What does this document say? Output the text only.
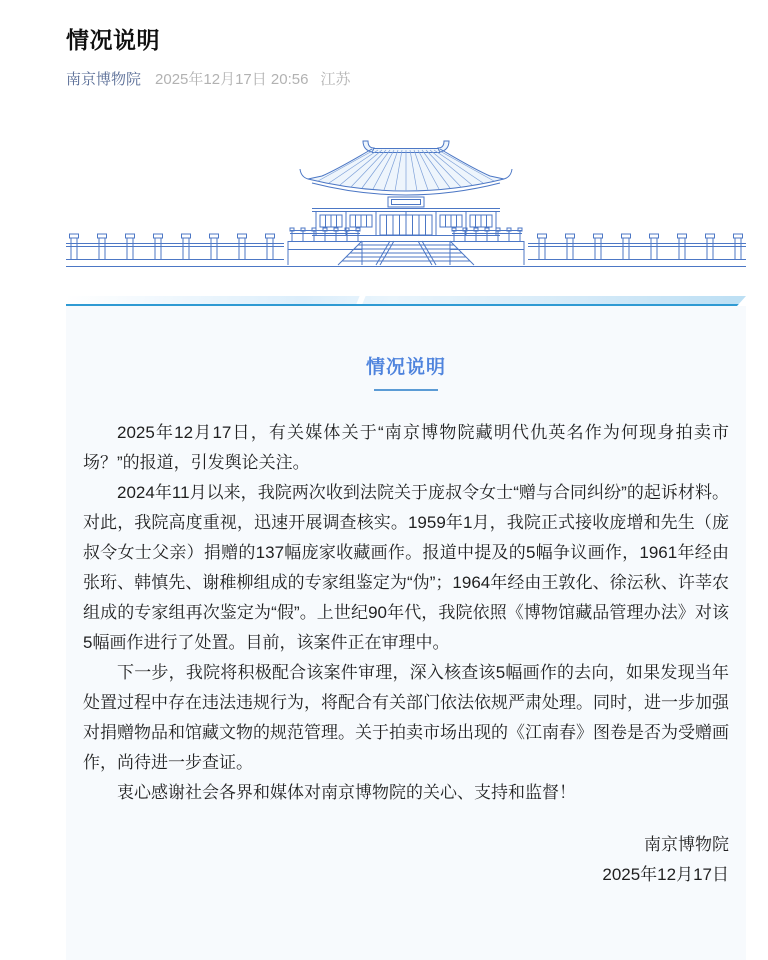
情况说明
南京博物院 2025年12月17日 20:56 江苏
情况说明

2025年12月17日，有关媒体关于“南京博物院藏明代仇英名作为何现身拍卖市场？”的报道，引发舆论关注。

2024年11月以来，我院两次收到法院关于庞叔令女士“赠与合同纠纷”的起诉材料。对此，我院高度重视，迅速开展调查核实。1959年1月，我院正式接收庞增和先生（庞叔令女士父亲）捐赠的137幅庞家收藏画作。报道中提及的5幅争议画作，1961年经由张珩、韩慎先、谢稚柳组成的专家组鉴定为“伪”；1964年经由王敦化、徐沄秋、许莘农组成的专家组再次鉴定为“假”。上世纪90年代，我院依照《博物馆藏品管理办法》对该5幅画作进行了处置。目前，该案件正在审理中。

下一步，我院将积极配合该案件审理，深入核查该5幅画作的去向，如果发现当年处置过程中存在违法违规行为，将配合有关部门依法依规严肃处理。同时，进一步加强对捐赠物品和馆藏文物的规范管理。关于拍卖市场出现的《江南春》图卷是否为受赠画作，尚待进一步查证。

衷心感谢社会各界和媒体对南京博物院的关心、支持和监督！

南京博物院
2025年12月17日
